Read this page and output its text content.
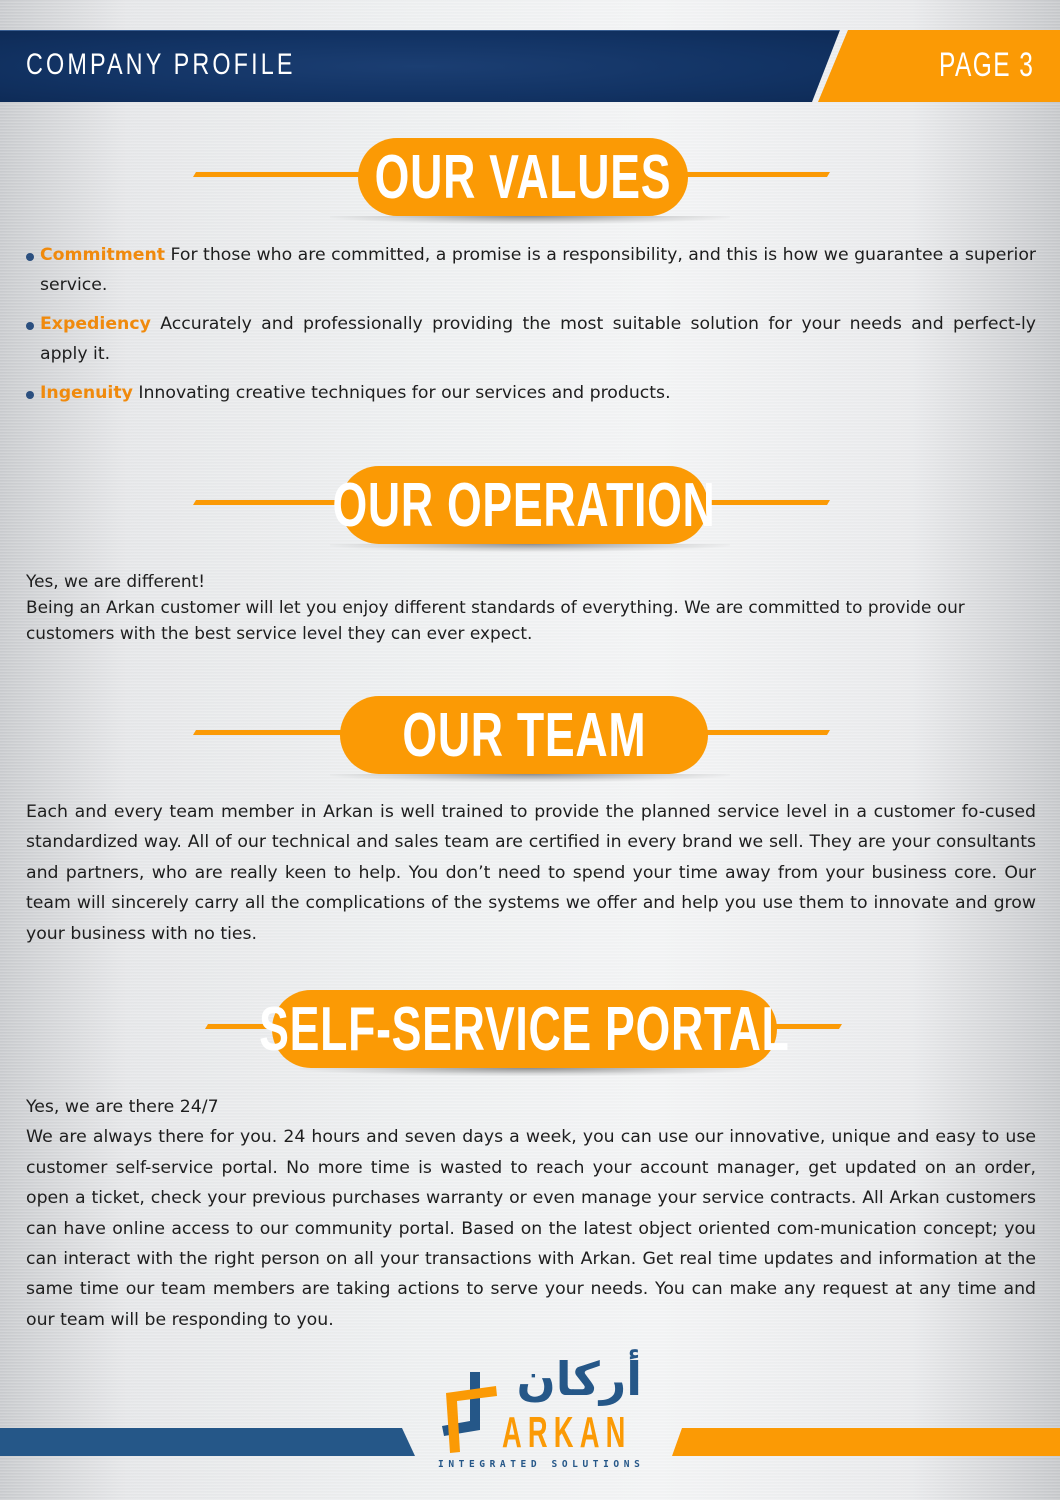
COMPANY PROFILE	PAGE 3
OUR VALUES
Commitment For those who are committed, a promise is a responsibility, and this is how we guarantee a superior service.
Expediency Accurately and professionally providing the most suitable solution for your needs and perfect-ly apply it.
Ingenuity Innovating creative techniques for our services and products.
OUR OPERATION
Yes, we are different!
Being an Arkan customer will let you enjoy different standards of everything. We are committed to provide our customers with the best service level they can ever expect.
OUR TEAM
Each and every team member in Arkan is well trained to provide the planned service level in a customer fo-cused standardized way. All of our technical and sales team are certified in every brand we sell. They are your consultants and partners, who are really keen to help. You don’t need to spend your time away from your business core. Our team will sincerely carry all the complications of the systems we offer and help you use them to innovate and grow your business with no ties.
SELF-SERVICE PORTAL
Yes, we are there 24/7
We are always there for you. 24 hours and seven days a week, you can use our innovative, unique and easy to use customer self-service portal. No more time is wasted to reach your account manager, get updated on an order, open a ticket, check your previous purchases warranty or even manage your service contracts. All Arkan customers can have online access to our community portal. Based on the latest object oriented com-munication concept; you can interact with the right person on all your transactions with Arkan. Get real time updates and information at the same time our team members are taking actions to serve your needs. You can make any request at any time and our team will be responding to you.
أركان
ARKAN
INTEGRATED SOLUTIONS
